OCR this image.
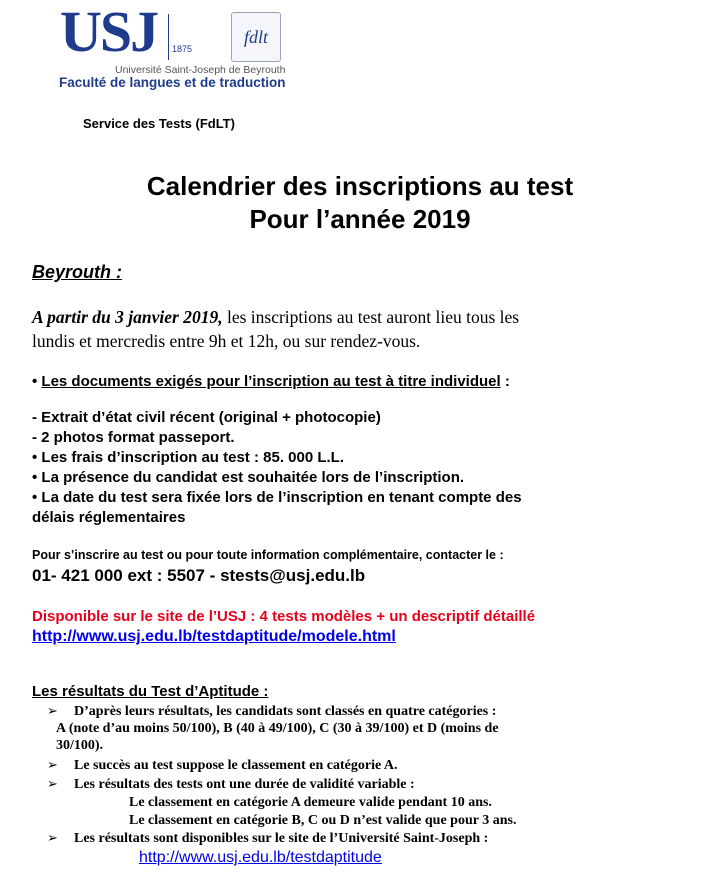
USJ 1875
fdlt
Université Saint-Joseph de Beyrouth
Faculté de langues et de traduction
Service des Tests (FdLT)
Calendrier des inscriptions au test
Pour l’année 2019
Beyrouth :
A partir du 3 janvier 2019, les inscriptions au test auront lieu tous les
lundis et mercredis entre 9h et 12h, ou sur rendez-vous.
• Les documents exigés pour l’inscription au test à titre individuel :
- Extrait d’état civil récent (original + photocopie)
- 2 photos format passeport.
• Les frais d’inscription au test : 85. 000 L.L.
• La présence du candidat est souhaitée lors de l’inscription.
• La date du test sera fixée lors de l’inscription en tenant compte des
délais réglementaires
Pour s’inscrire au test ou pour toute information complémentaire, contacter le :
01- 421 000 ext : 5507 - stests@usj.edu.lb
Disponible sur le site de l’USJ : 4 tests modèles + un descriptif détaillé
http://www.usj.edu.lb/testdaptitude/modele.html
Les résultats du Test d’Aptitude :
➢ D’après leurs résultats, les candidats sont classés en quatre catégories :
A (note d’au moins 50/100), B (40 à 49/100), C (30 à 39/100) et D (moins de
30/100).
➢ Le succès au test suppose le classement en catégorie A.
➢ Les résultats des tests ont une durée de validité variable :
Le classement en catégorie A demeure valide pendant 10 ans.
Le classement en catégorie B, C ou D n’est valide que pour 3 ans.
➢ Les résultats sont disponibles sur le site de l’Université Saint-Joseph :
http://www.usj.edu.lb/testdaptitude
